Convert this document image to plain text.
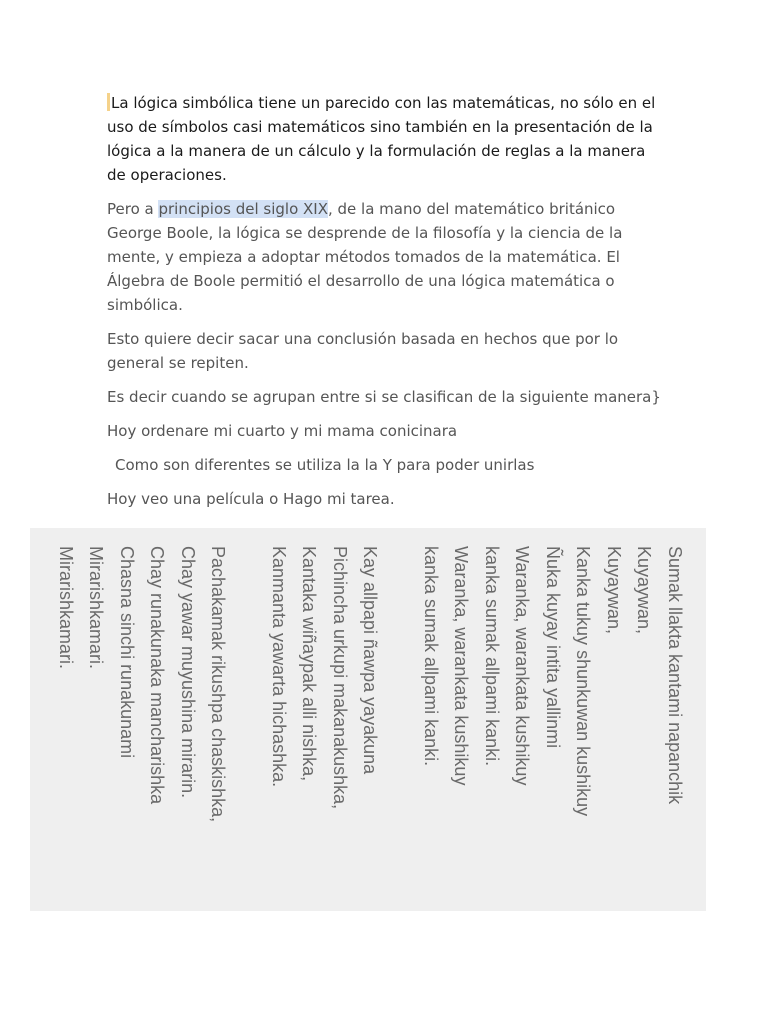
La lógica simbólica tiene un parecido con las matemáticas, no sólo en el uso de símbolos casi matemáticos sino también en la presentación de la lógica a la manera de un cálculo y la formulación de reglas a la manera de operaciones.

Pero a principios del siglo XIX, de la mano del matemático británico George Boole, la lógica se desprende de la filosofía y la ciencia de la mente, y empieza a adoptar métodos tomados de la matemática. El Álgebra de Boole permitió el desarrollo de una lógica matemática o simbólica.

Esto quiere decir sacar una conclusión basada en hechos que por lo general se repiten.

Es decir cuando se agrupan entre si se clasifican de la siguiente manera}

Hoy ordenare mi cuarto y mi mama conicinara

Como son diferentes se utiliza la la Y para poder unirlas

Hoy veo una película o Hago mi tarea.

Sumak llakta kantami napanchik
Kuyaywan,
Kuyaywan,
Kanka tukuy shunkuwan kushikuy
Ñuka kuyay intita yallinmi
Waranka, warankata kushikuy
kanka sumak allpami kanki.
Waranka, warankata kushikuy
kanka sumak allpami kanki.
Kay allpapi ñawpa yayakuna
Pichincha urkupi makanakushka,
Kantaka wiñaypak alli nishka,
Kanmanta yawarta hichashka.
Pachakamak rikushpa chaskishka,
Chay yawar muyushina mirarin.
Chay runakunaka mancharishka
Chasna sinchi runakunami
Mirarishkamari.
Mirarishkamari.
